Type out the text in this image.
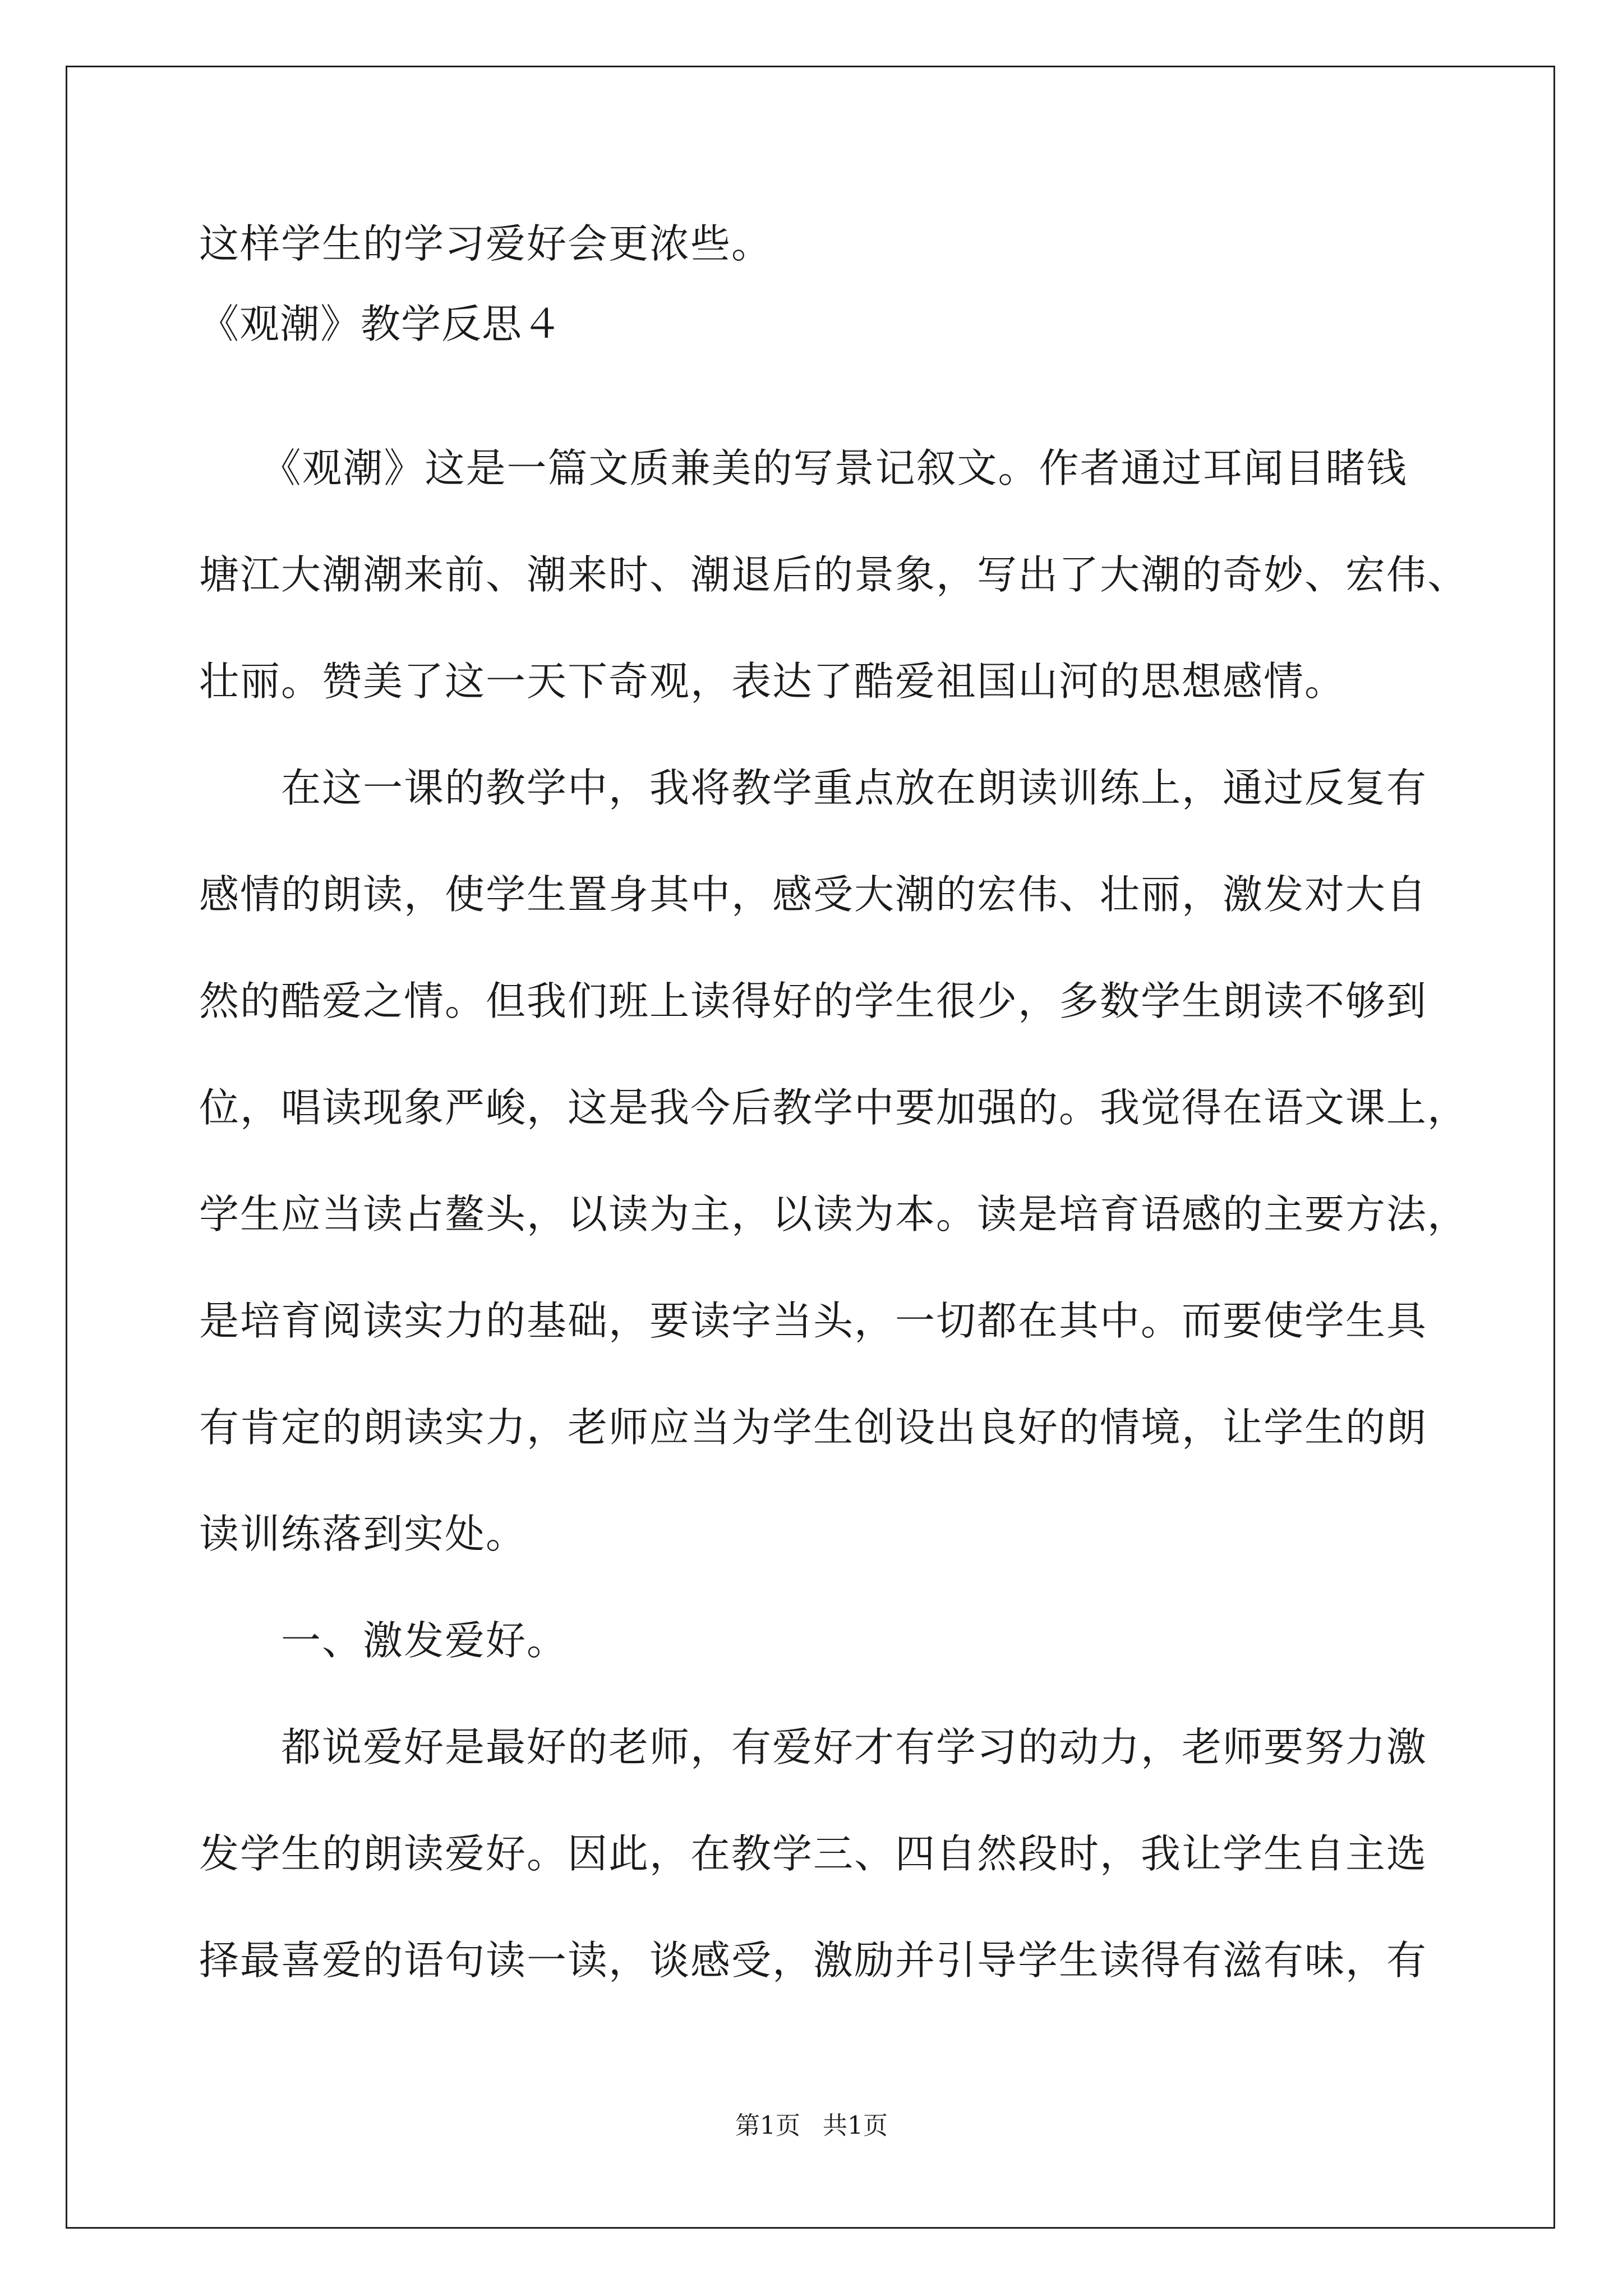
这样学生的学习爱好会更浓些。
《观潮》教学反思４
　　《观潮》这是一篇文质兼美的写景记叙文。作者通过耳闻目睹钱
塘江大潮潮来前、潮来时、潮退后的景象，写出了大潮的奇妙、宏伟、
壮丽。赞美了这一天下奇观，表达了酷爱祖国山河的思想感情。
　　在这一课的教学中，我将教学重点放在朗读训练上，通过反复有
感情的朗读，使学生置身其中，感受大潮的宏伟、壮丽，激发对大自
然的酷爱之情。但我们班上读得好的学生很少，多数学生朗读不够到
位，唱读现象严峻，这是我今后教学中要加强的。我觉得在语文课上，
学生应当读占鳌头，以读为主，以读为本。读是培育语感的主要方法，
是培育阅读实力的基础，要读字当头，一切都在其中。而要使学生具
有肯定的朗读实力，老师应当为学生创设出良好的情境，让学生的朗
读训练落到实处。
　　一、激发爱好。
　　都说爱好是最好的老师，有爱好才有学习的动力，老师要努力激
发学生的朗读爱好。因此，在教学三、四自然段时，我让学生自主选
择最喜爱的语句读一读，谈感受，激励并引导学生读得有滋有味，有
第1页 共1页
